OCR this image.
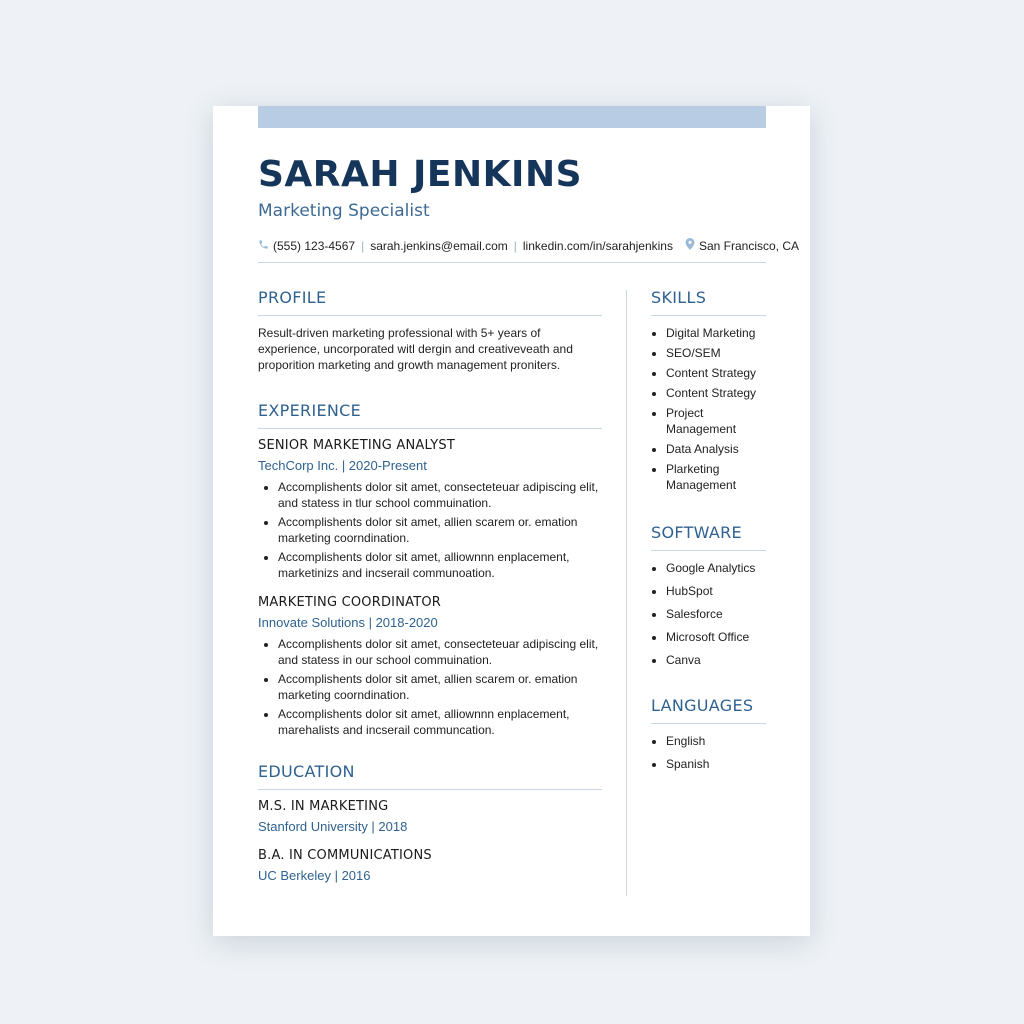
SARAH JENKINS
Marketing Specialist
(555) 123-4567 | sarah.jenkins@email.com | linkedin.com/in/sarahjenkins San Francisco, CA
PROFILE

Result-driven marketing professional with 5+ years of experience, uncorporated witl dergin and creativeveath and proporition marketing and growth management proniters.

EXPERIENCE
SENIOR MARKETING ANALYST
TechCorp Inc. | 2020-Present
• Accomplishents dolor sit amet, consecteteuar adipiscing elit, and statess in tlur school commuination.
• Accomplishents dolor sit amet, allien scarem or. emation marketing coorndination.
• Accomplishents dolor sit amet, alliownnn enplacement, marketinizs and incserail communoation.
MARKETING COORDINATOR
Innovate Solutions | 2018-2020
• Accomplishents dolor sit amet, consecteteuar adipiscing elit, and statess in our school commuination.
• Accomplishents dolor sit amet, allien scarem or. emation marketing coorndination.
• Accomplishents dolor sit amet, alliownnn enplacement, marehalists and incserail communcation.
EDUCATION
M.S. IN MARKETING
Stanford University | 2018
B.A. IN COMMUNICATIONS
UC Berkeley | 2016
SKILLS
• Digital Marketing
• SEO/SEM
• Content Strategy
• Content Strategy
• Project Management
• Data Analysis
• Plarketing Management
SOFTWARE
• Google Analytics
• HubSpot
• Salesforce
• Microsoft Office
• Canva
LANGUAGES
• English
• Spanish
